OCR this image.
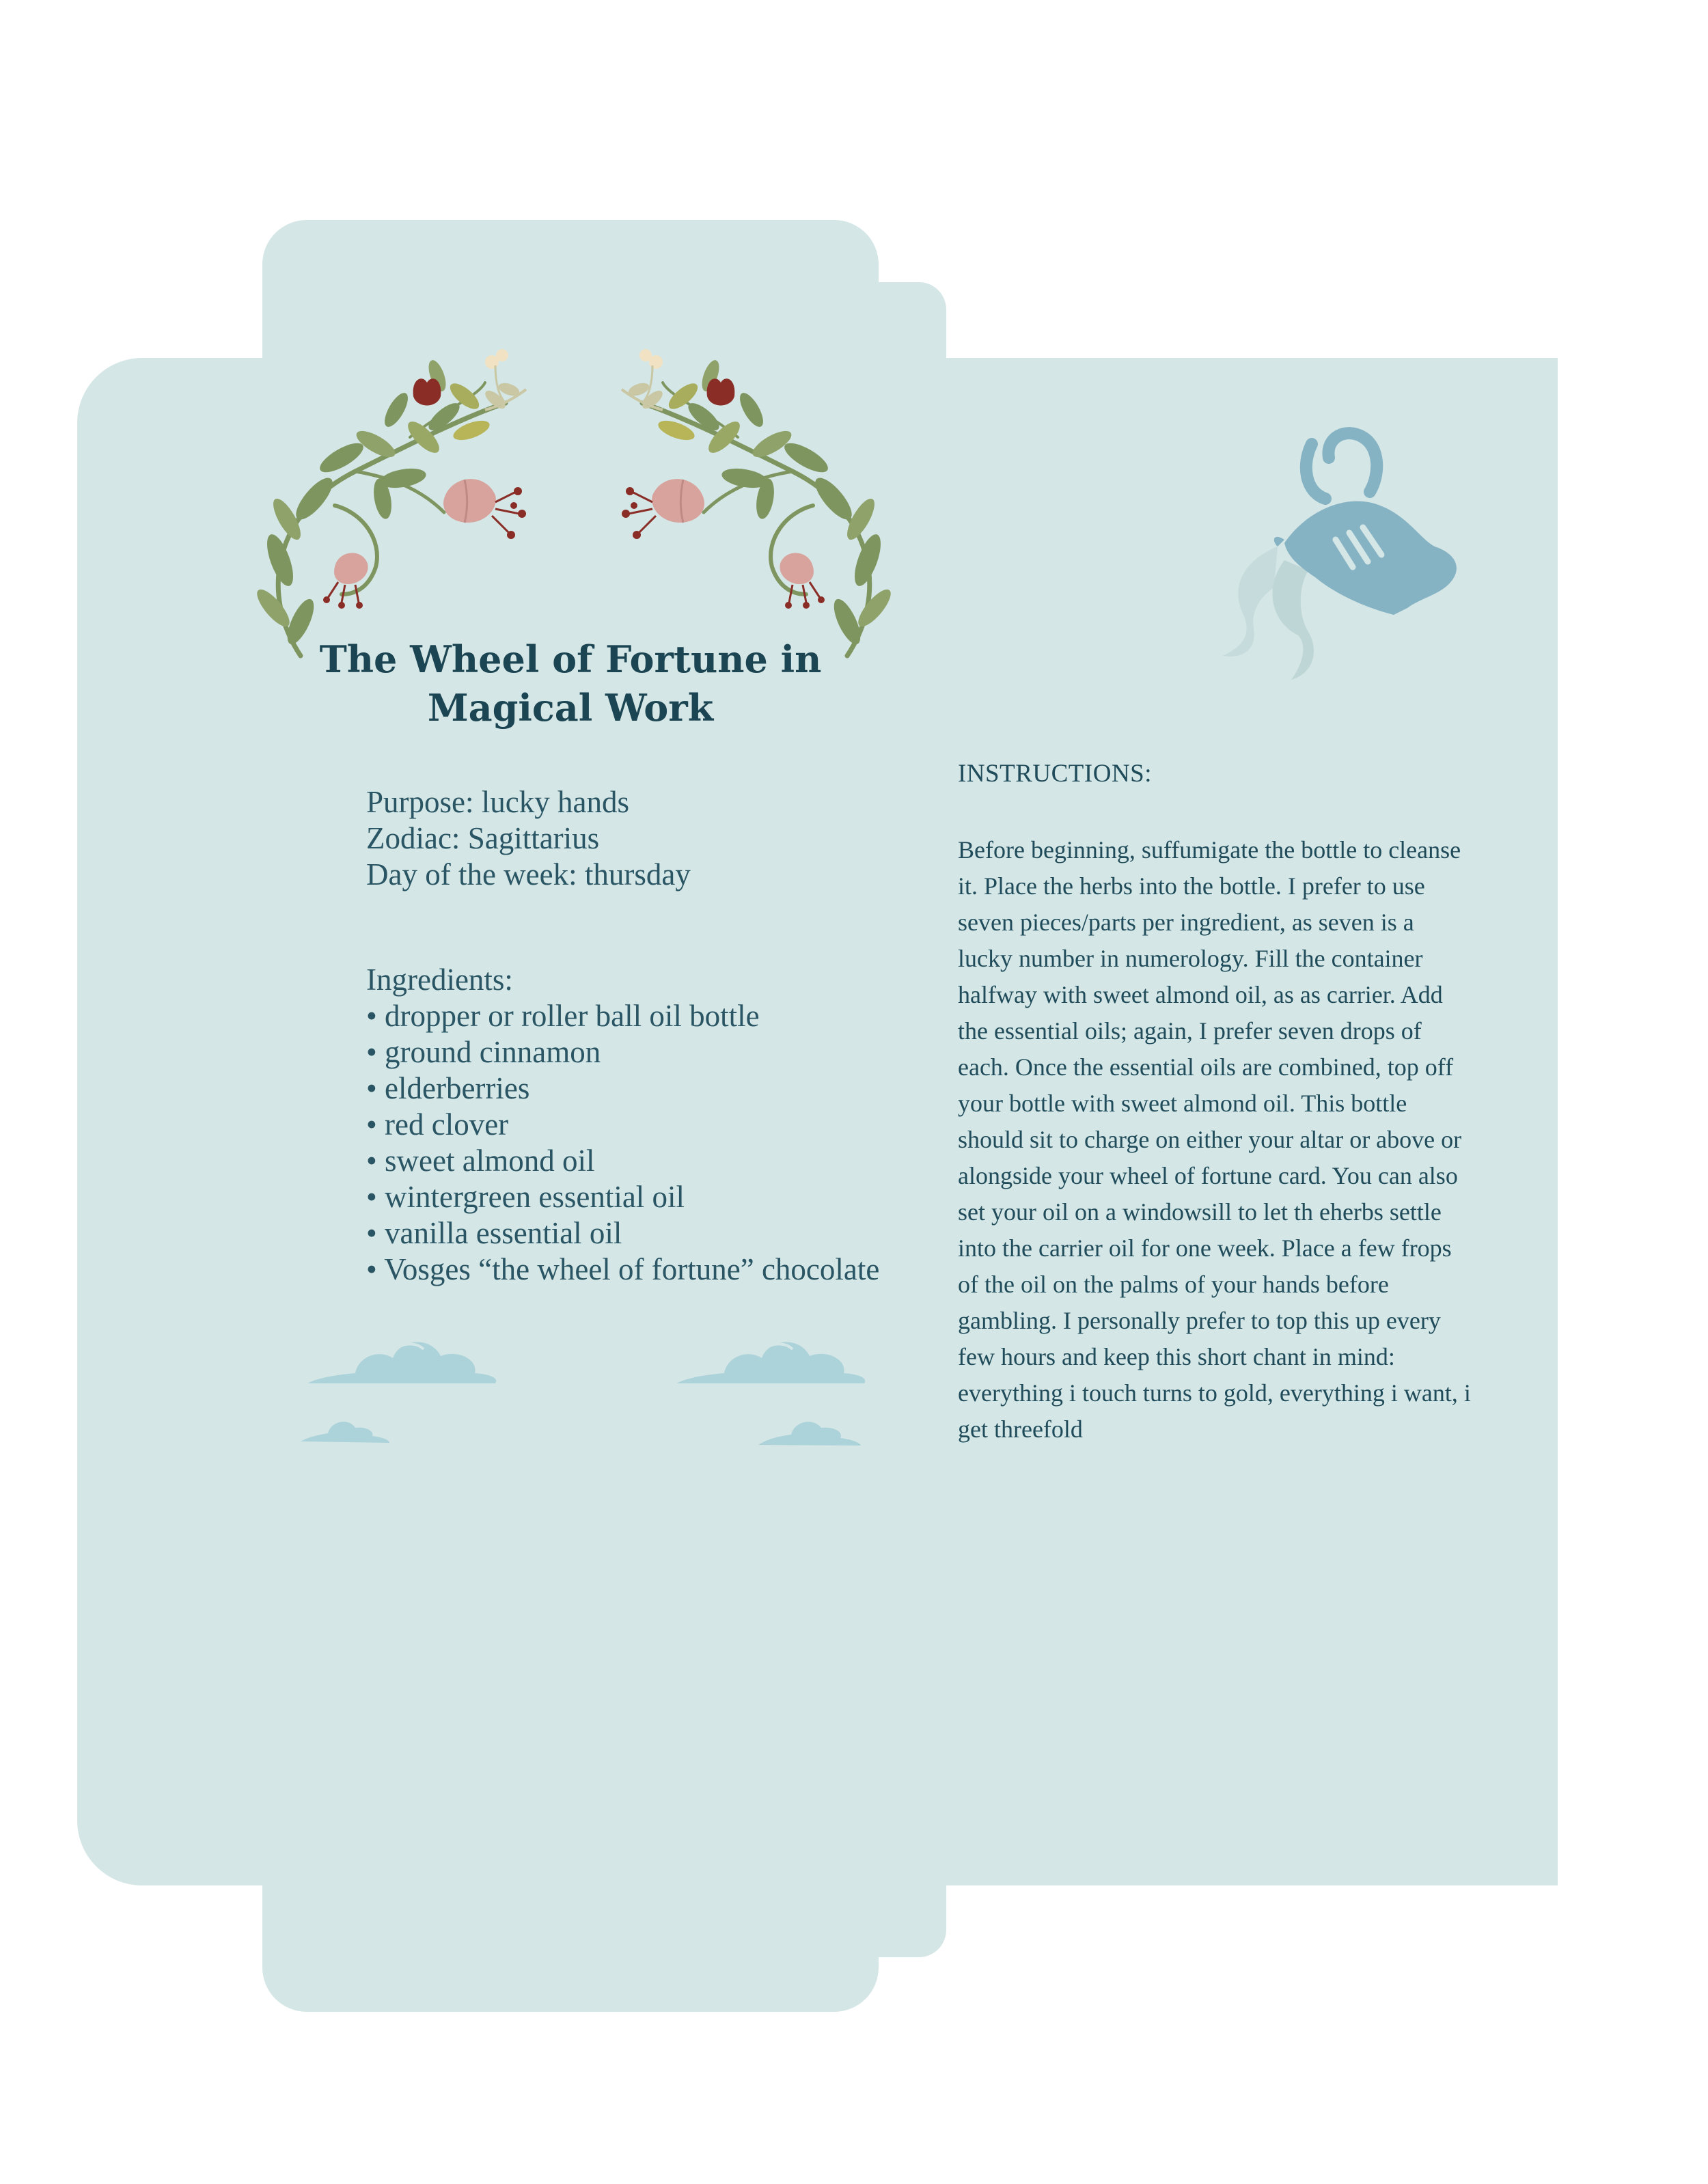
The Wheel of Fortune in
Magical Work
Purpose: lucky hands
Zodiac: Sagittarius
Day of the week: thursday
Ingredients:
• dropper or roller ball oil bottle
• ground cinnamon
• elderberries
• red clover
• sweet almond oil
• wintergreen essential oil
• vanilla essential oil
• Vosges “the wheel of fortune” chocolate
INSTRUCTIONS:

Before beginning, suffumigate the bottle to cleanse
it. Place the herbs into the bottle. I prefer to use
seven pieces/parts per ingredient, as seven is a
lucky number in numerology. Fill the container
halfway with sweet almond oil, as as carrier. Add
the essential oils; again, I prefer seven drops of
each. Once the essential oils are combined, top off
your bottle with sweet almond oil. This bottle
should sit to charge on either your altar or above or
alongside your wheel of fortune card. You can also
set your oil on a windowsill to let th eherbs settle
into the carrier oil for one week. Place a few frops
of the oil on the palms of your hands before
gambling. I personally prefer to top this up every
few hours and keep this short chant in mind:
everything i touch turns to gold, everything i want, i
get threefold
